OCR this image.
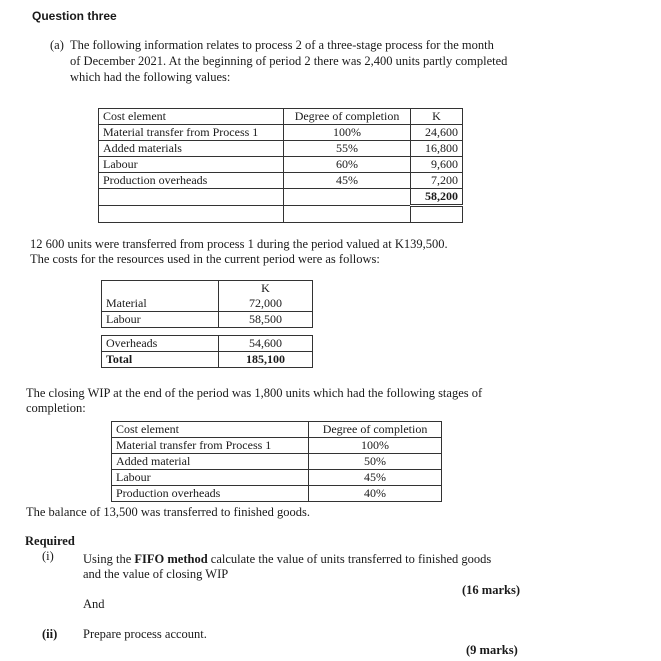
Question three
(a) The following information relates to process 2 of a three-stage process for the month
of December 2021. At the beginning of period 2 there was 2,400 units partly completed
which had the following values:
Cost element	Degree of completion	K
Material transfer from Process 1	100%	24,600
Added materials	55%	16,800
Labour	60%	9,600
Production overheads	45%	7,200
		58,200

12 600 units were transferred from process 1 during the period valued at K139,500.
The costs for the resources used in the current period were as follows:
	K
Material	72,000
Labour	58,500
Overheads	54,600
Total	185,100
The closing WIP at the end of the period was 1,800 units which had the following stages of
completion:
Cost element	Degree of completion
Material transfer from Process 1	100%
Added material	50%
Labour	45%
Production overheads	40%
The balance of 13,500 was transferred to finished goods.
Required
(i) Using the FIFO method calculate the value of units transferred to finished goods
and the value of closing WIP
(16 marks)
And
(ii) Prepare process account.
(9 marks)
